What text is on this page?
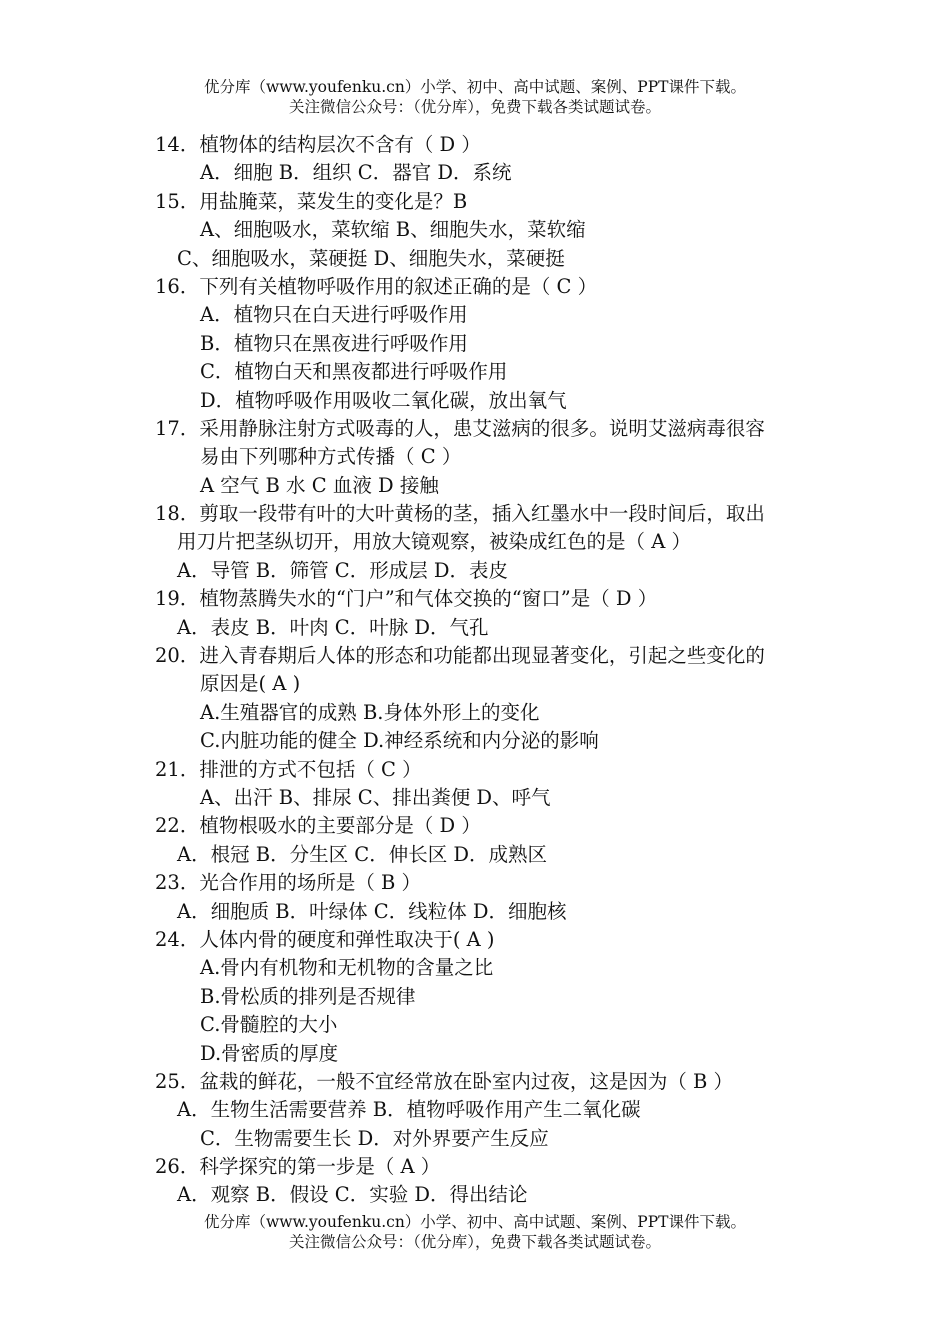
优分库（www.youfenku.cn）小学、初中、高中试题、案例、PPT课件下载。
关注微信公众号：（优分库），免费下载各类试题试卷。
14．植物体的结构层次不含有（ D ）
A．细胞 B．组织 C．器官 D．系统
15．用盐腌菜，菜发生的变化是？B
A、细胞吸水，菜软缩 B、细胞失水，菜软缩
C、细胞吸水，菜硬挺 D、细胞失水，菜硬挺
16．下列有关植物呼吸作用的叙述正确的是（ C ）
A．植物只在白天进行呼吸作用
B．植物只在黑夜进行呼吸作用
C．植物白天和黑夜都进行呼吸作用
D．植物呼吸作用吸收二氧化碳，放出氧气
17．采用静脉注射方式吸毒的人，患艾滋病的很多。说明艾滋病毒很容
易由下列哪种方式传播（ C ）
A 空气 B 水 C 血液 D 接触
18．剪取一段带有叶的大叶黄杨的茎，插入红墨水中一段时间后，取出
用刀片把茎纵切开，用放大镜观察，被染成红色的是（ A ）
A．导管 B．筛管 C．形成层 D．表皮
19．植物蒸腾失水的“门户”和气体交换的“窗口”是（ D ）
A．表皮 B．叶肉 C．叶脉 D．气孔
20．进入青春期后人体的形态和功能都出现显著变化，引起之些变化的
原因是( A )
A.生殖器官的成熟 B.身体外形上的变化
C.内脏功能的健全 D.神经系统和内分泌的影响
21．排泄的方式不包括（ C ）
A、出汗 B、排尿 C、排出粪便 D、呼气
22．植物根吸水的主要部分是（ D ）
A．根冠 B．分生区 C．伸长区 D．成熟区
23．光合作用的场所是（ B ）
A．细胞质 B．叶绿体 C．线粒体 D．细胞核
24．人体内骨的硬度和弹性取决于( A )
A.骨内有机物和无机物的含量之比
B.骨松质的排列是否规律
C.骨髓腔的大小
D.骨密质的厚度
25．盆栽的鲜花，一般不宜经常放在卧室内过夜，这是因为（ B ）
A．生物生活需要营养 B．植物呼吸作用产生二氧化碳
C．生物需要生长 D．对外界要产生反应
26．科学探究的第一步是（ A ）
A．观察 B．假设 C．实验 D．得出结论
优分库（www.youfenku.cn）小学、初中、高中试题、案例、PPT课件下载。
关注微信公众号：（优分库），免费下载各类试题试卷。
